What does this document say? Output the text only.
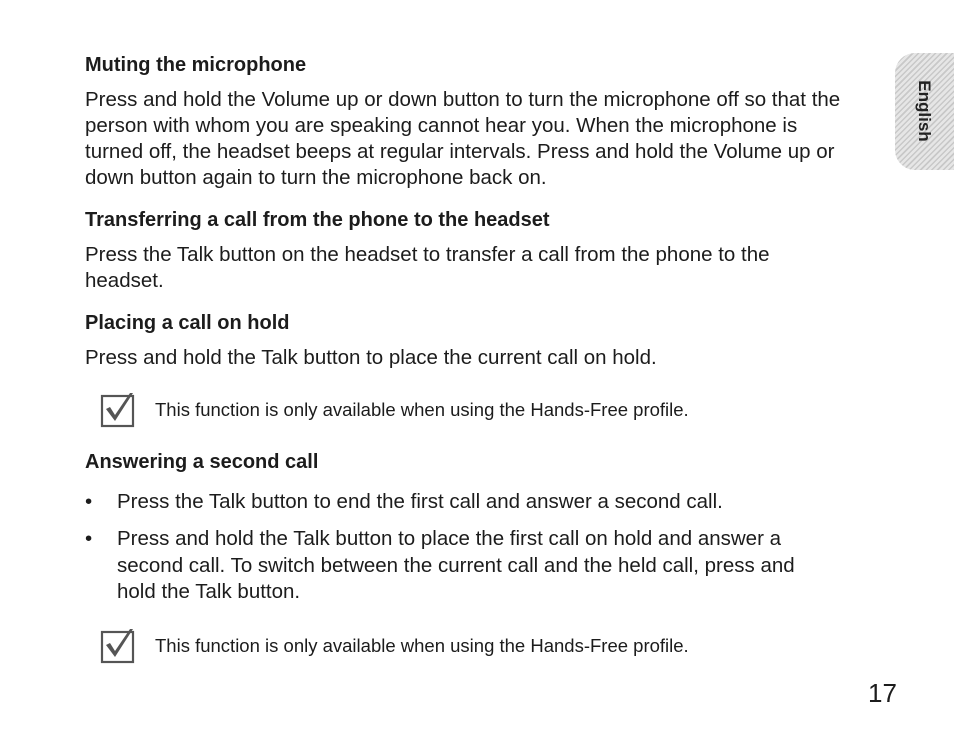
Muting the microphone

Press and hold the Volume up or down button to turn the microphone off so that the person with whom you are speaking cannot hear you. When the microphone is turned off, the headset beeps at regular intervals. Press and hold the Volume up or down button again to turn the microphone back on.

Transferring a call from the phone to the headset

Press the Talk button on the headset to transfer a call from the phone to the headset.

Placing a call on hold

Press and hold the Talk button to place the current call on hold.

This function is only available when using the Hands-Free profile.
Answering a second call
•	Press the Talk button to end the first call and answer a second call.
•	Press and hold the Talk button to place the first call on hold and answer a second call. To switch between the current call and the held call, press and hold the Talk button.
This function is only available when using the Hands-Free profile.
English
17
